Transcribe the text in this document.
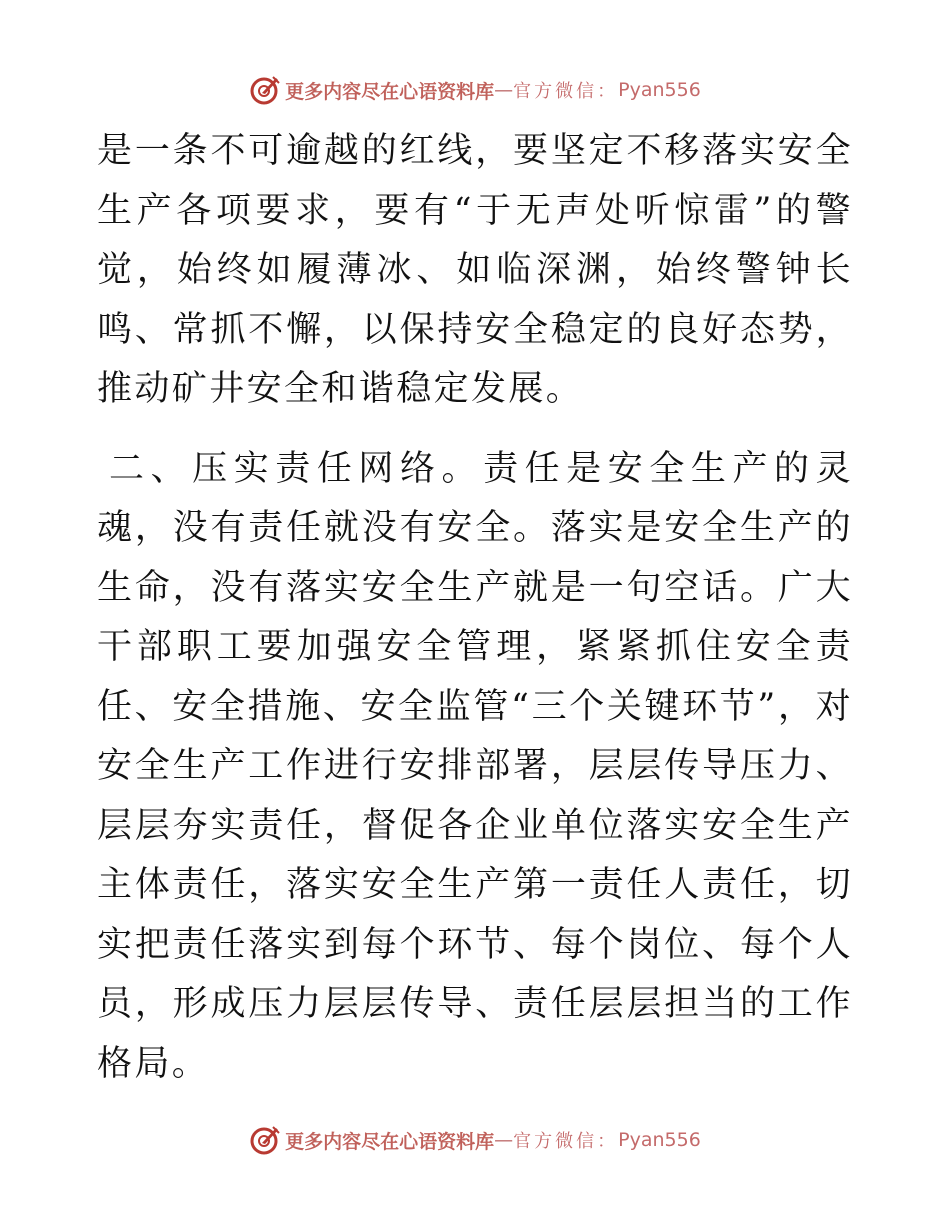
更多内容尽在心语资料库 — 官方微信： Pyan556

是一条不可逾越的红线，要坚定不移落实安全生产各项要求，要有“于无声处听惊雷”的警觉，始终如履薄冰、如临深渊，始终警钟长鸣、常抓不懈，以保持安全稳定的良好态势，推动矿井安全和谐稳定发展。

二、压实责任网络。责任是安全生产的灵魂，没有责任就没有安全。落实是安全生产的生命，没有落实安全生产就是一句空话。广大干部职工要加强安全管理，紧紧抓住安全责任、安全措施、安全监管“三个关键环节”，对安全生产工作进行安排部署，层层传导压力、层层夯实责任，督促各企业单位落实安全生产主体责任，落实安全生产第一责任人责任，切实把责任落实到每个环节、每个岗位、每个人员，形成压力层层传导、责任层层担当的工作格局。

更多内容尽在心语资料库 — 官方微信： Pyan556
